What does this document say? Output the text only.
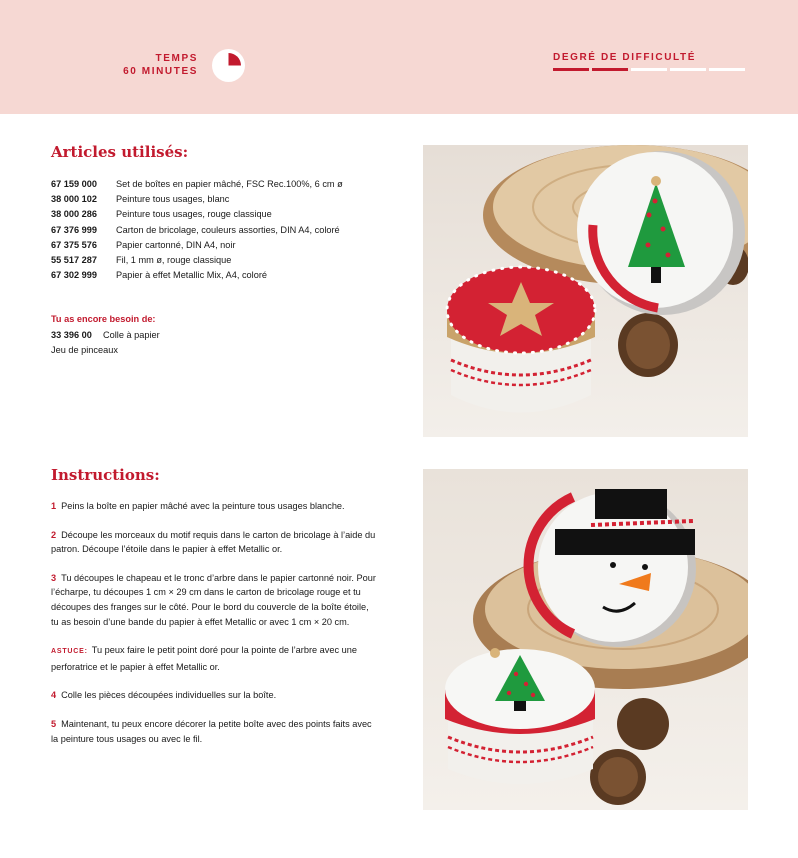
TEMPS
60 MINUTES
DEGRÉ DE DIFFICULTÉ
Articles utilisés:
67 159 000	Set de boîtes en papier mâché, FSC Rec.100%, 6 cm ø
38 000 102	Peinture tous usages, blanc
38 000 286	Peinture tous usages, rouge classique
67 376 999	Carton de bricolage, couleurs assorties, DIN A4, coloré
67 375 576	Papier cartonné, DIN A4, noir
55 517 287	Fil, 1 mm ø, rouge classique
67 302 999	Papier à effet Metallic Mix, A4, coloré
Tu as encore besoin de:
33 396 00 Colle à papier
Jeu de pinceaux
Instructions:
1 Peins la boîte en papier mâché avec la peinture tous usages blanche.
2 Découpe les morceaux du motif requis dans le carton de bricolage à l’aide du patron. Découpe l’étoile dans le papier à effet Metallic or.
3 Tu découpes le chapeau et le tronc d’arbre dans le papier cartonné noir. Pour l’écharpe, tu découpes 1 cm × 29 cm dans le carton de bricolage rouge et tu découpes des franges sur le côté. Pour le bord du couvercle de la boîte étoile, tu as besoin d’une bande du papier à effet Metallic or avec 1 cm × 20 cm.
ASTUCE: Tu peux faire le petit point doré pour la pointe de l’arbre avec une perforatrice et le papier à effet Metallic or.
4 Colle les pièces découpées individuelles sur la boîte.
5 Maintenant, tu peux encore décorer la petite boîte avec des points faits avec la peinture tous usages ou avec le fil.
